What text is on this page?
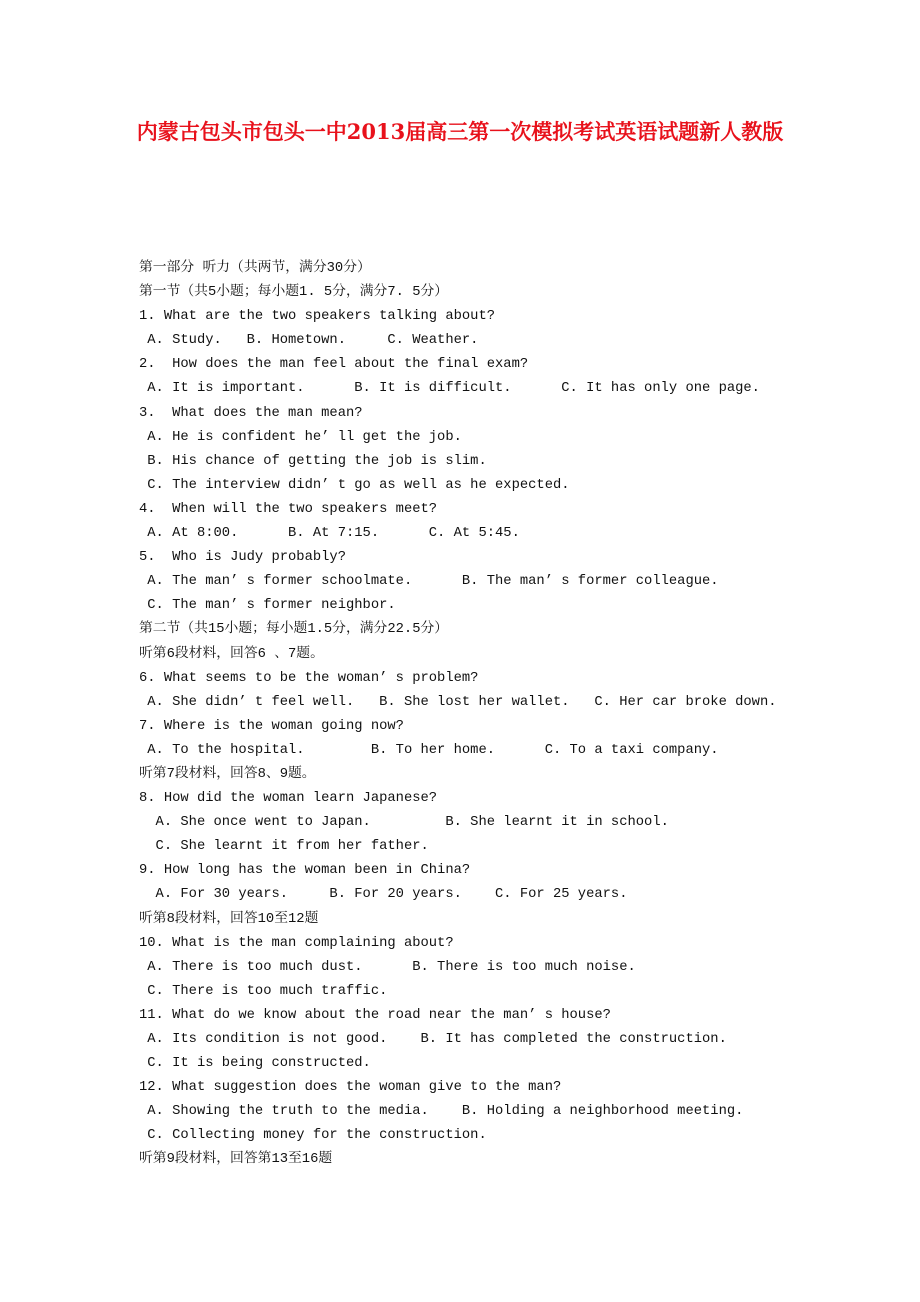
内蒙古包头市包头一中2013届高三第一次模拟考试英语试题新人教版
第一部分 听力（共两节，满分30分）
第一节（共5小题；每小题1. 5分，满分7. 5分）
1. What are the two speakers talking about?
A. Study.   B. Hometown.     C. Weather.
2.  How does the man feel about the final exam?
A. It is important.      B. It is difficult.      C. It has only one page.
3.  What does the man mean?
A. He is confident he’ ll get the job.
B. His chance of getting the job is slim.
C. The interview didn’ t go as well as he expected.
4.  When will the two speakers meet?
A. At 8:00.      B. At 7:15.      C. At 5:45.
5.  Who is Judy probably?
A. The man’ s former schoolmate.      B. The man’ s former colleague.
C. The man’ s former neighbor.
第二节（共15小题；每小题1.5分，满分22.5分）
听第6段材料，回答6 、7题。
6. What seems to be the woman’ s problem?
A. She didn’ t feel well.   B. She lost her wallet.   C. Her car broke down.
7. Where is the woman going now?
A. To the hospital.        B. To her home.      C. To a taxi company.
听第7段材料，回答8、9题。
8. How did the woman learn Japanese?
A. She once went to Japan.         B. She learnt it in school.
C. She learnt it from her father.
9. How long has the woman been in China?
A. For 30 years.     B. For 20 years.    C. For 25 years.
听第8段材料，回答10至12题
10. What is the man complaining about?
A. There is too much dust.      B. There is too much noise.
C. There is too much traffic.
11. What do we know about the road near the man’ s house?
A. Its condition is not good.    B. It has completed the construction.
C. It is being constructed.
12. What suggestion does the woman give to the man?
A. Showing the truth to the media.    B. Holding a neighborhood meeting.
C. Collecting money for the construction.
听第9段材料，回答第13至16题
